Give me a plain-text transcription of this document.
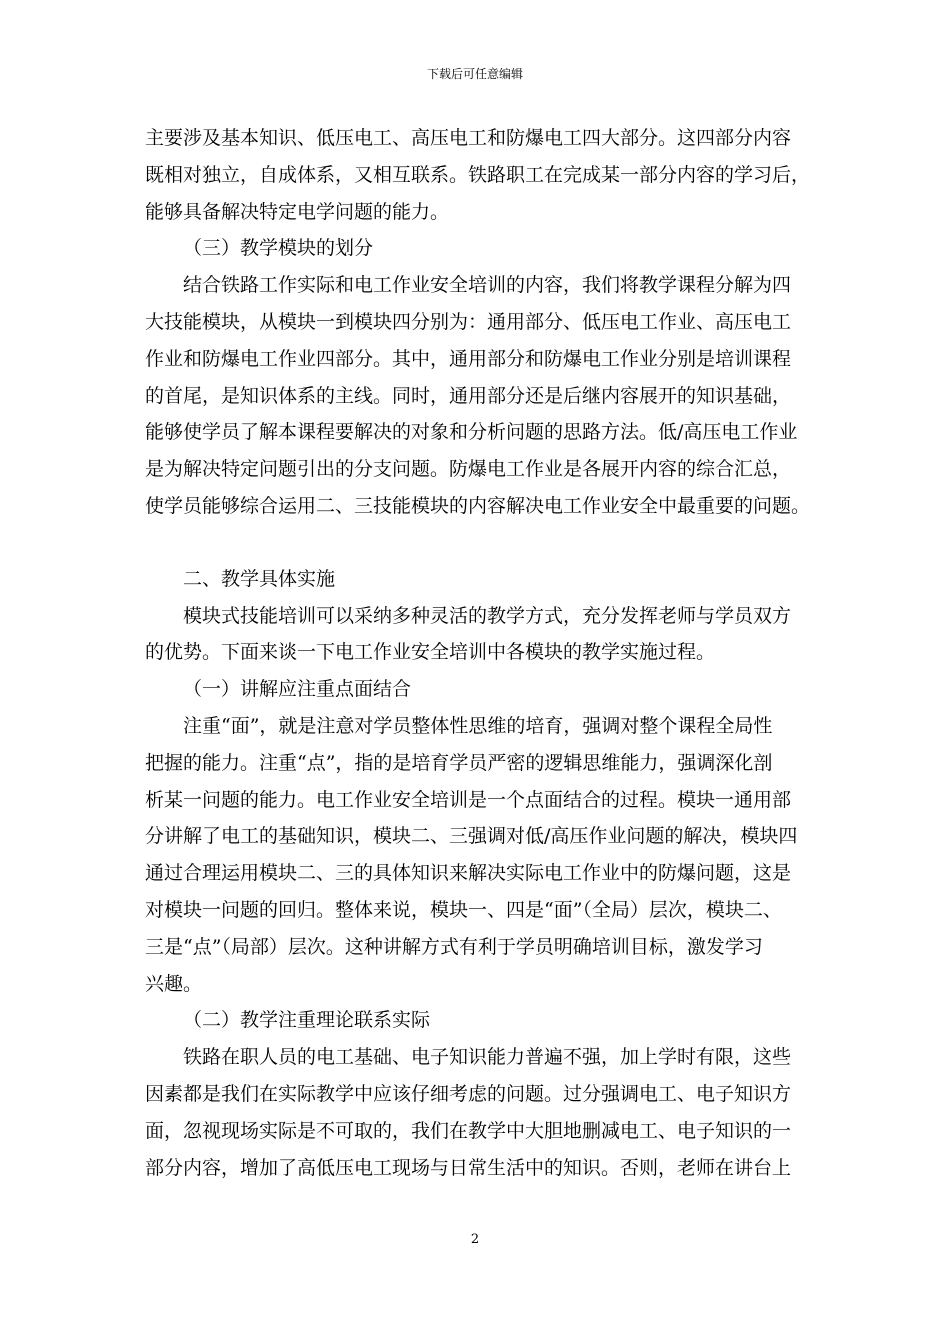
下载后可任意编辑
主要涉及基本知识、低压电工、高压电工和防爆电工四大部分。这四部分内容
既相对独立，自成体系，又相互联系。铁路职工在完成某一部分内容的学习后，
能够具备解决特定电学问题的能力。
（三）教学模块的划分
结合铁路工作实际和电工作业安全培训的内容，我们将教学课程分解为四
大技能模块，从模块一到模块四分别为：通用部分、低压电工作业、高压电工
作业和防爆电工作业四部分。其中，通用部分和防爆电工作业分别是培训课程
的首尾，是知识体系的主线。同时，通用部分还是后继内容展开的知识基础，
能够使学员了解本课程要解决的对象和分析问题的思路方法。低/高压电工作业
是为解决特定问题引出的分支问题。防爆电工作业是各展开内容的综合汇总，
使学员能够综合运用二、三技能模块的内容解决电工作业安全中最重要的问题。
二、教学具体实施
模块式技能培训可以采纳多种灵活的教学方式，充分发挥老师与学员双方
的优势。下面来谈一下电工作业安全培训中各模块的教学实施过程。
（一）讲解应注重点面结合
注重“面”，就是注意对学员整体性思维的培育，强调对整个课程全局性
把握的能力。注重“点”，指的是培育学员严密的逻辑思维能力，强调深化剖
析某一问题的能力。电工作业安全培训是一个点面结合的过程。模块一通用部
分讲解了电工的基础知识，模块二、三强调对低/高压作业问题的解决，模块四
通过合理运用模块二、三的具体知识来解决实际电工作业中的防爆问题，这是
对模块一问题的回归。整体来说，模块一、四是“面”（全局）层次，模块二、
三是“点”（局部）层次。这种讲解方式有利于学员明确培训目标，激发学习
兴趣。
（二）教学注重理论联系实际
铁路在职人员的电工基础、电子知识能力普遍不强，加上学时有限，这些
因素都是我们在实际教学中应该仔细考虑的问题。过分强调电工、电子知识方
面，忽视现场实际是不可取的，我们在教学中大胆地删减电工、电子知识的一
部分内容，增加了高低压电工现场与日常生活中的知识。否则，老师在讲台上
2
